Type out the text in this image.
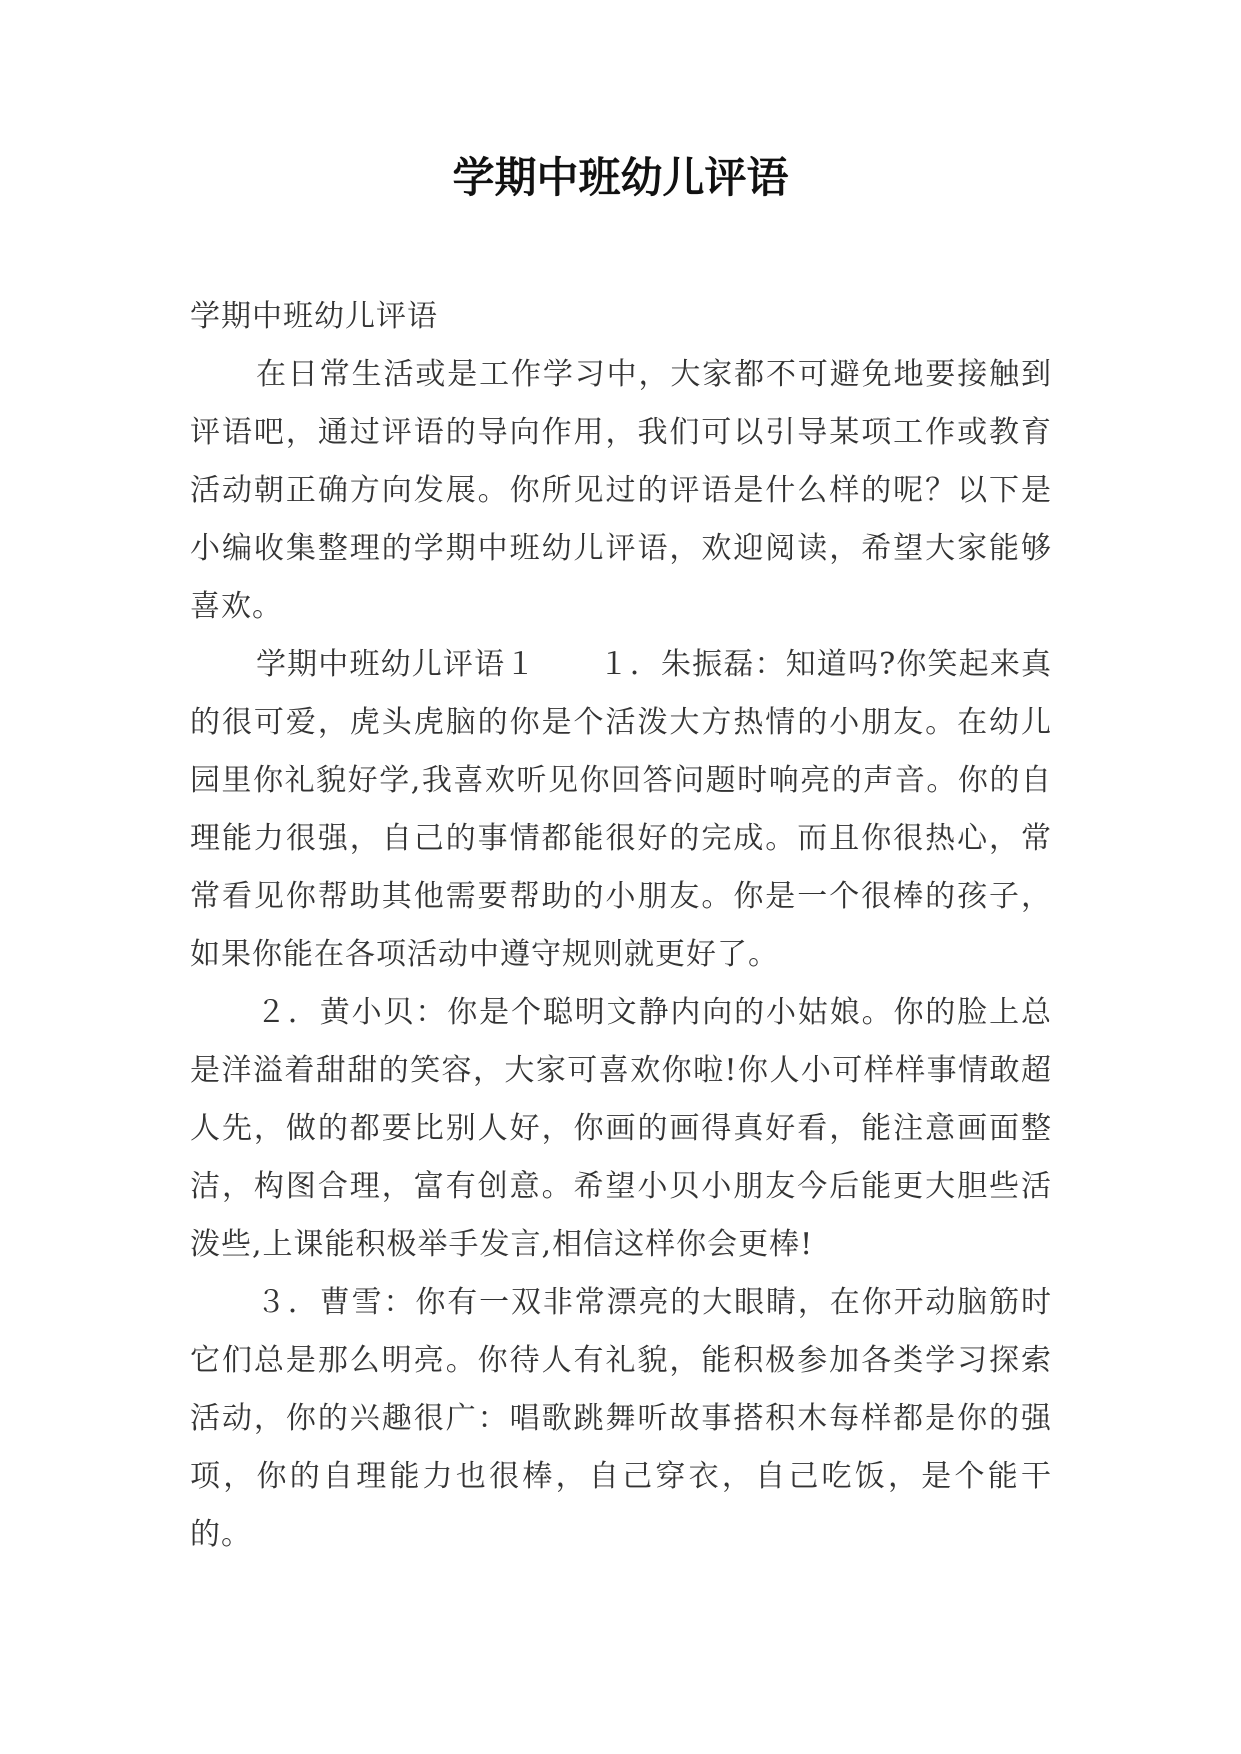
学期中班幼儿评语

学期中班幼儿评语

在日常生活或是工作学习中，大家都不可避免地要接触到评语吧，通过评语的导向作用，我们可以引导某项工作或教育活动朝正确方向发展。你所见过的评语是什么样的呢？以下是小编收集整理的学期中班幼儿评语，欢迎阅读，希望大家能够喜欢。

学期中班幼儿评语１　　１．朱振磊：知道吗?你笑起来真的很可爱，虎头虎脑的你是个活泼大方热情的小朋友。在幼儿园里你礼貌好学,我喜欢听见你回答问题时响亮的声音。你的自理能力很强，自己的事情都能很好的完成。而且你很热心，常常看见你帮助其他需要帮助的小朋友。你是一个很棒的孩子，如果你能在各项活动中遵守规则就更好了。

２．黄小贝：你是个聪明文静内向的小姑娘。你的脸上总是洋溢着甜甜的笑容，大家可喜欢你啦!你人小可样样事情敢超人先，做的都要比别人好，你画的画得真好看，能注意画面整洁，构图合理，富有创意。希望小贝小朋友今后能更大胆些活泼些,上课能积极举手发言,相信这样你会更棒!

３．曹雪：你有一双非常漂亮的大眼睛，在你开动脑筋时它们总是那么明亮。你待人有礼貌，能积极参加各类学习探索活动，你的兴趣很广：唱歌跳舞听故事搭积木每样都是你的强项，你的自理能力也很棒，自己穿衣，自己吃饭，是个能干的。
